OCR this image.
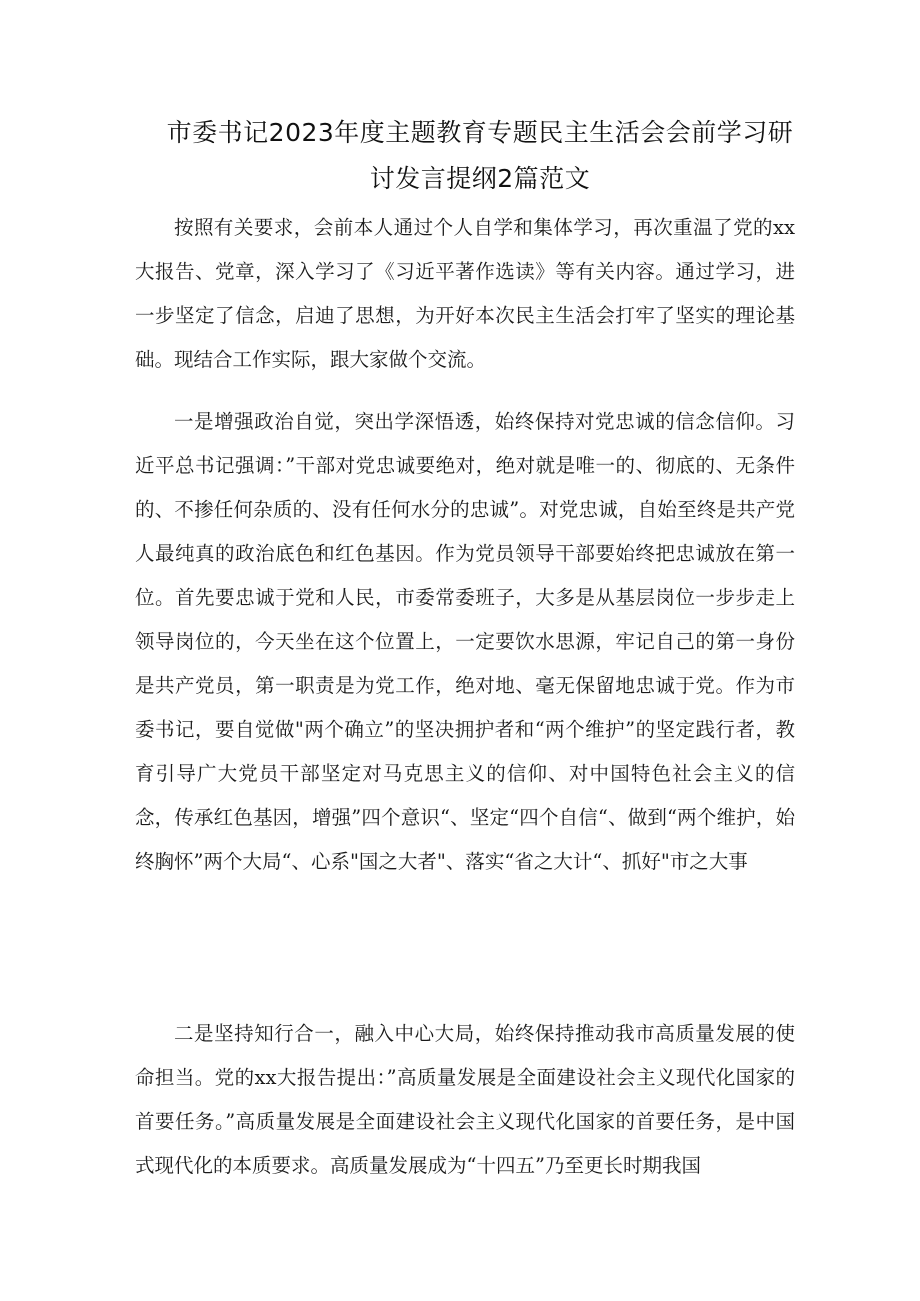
市委书记2023年度主题教育专题民主生活会会前学习研
讨发言提纲2篇范文

按照有关要求，会前本人通过个人自学和集体学习，再次重温了党的xx大报告、党章，深入学习了《习近平著作选读》等有关内容。通过学习，进一步坚定了信念，启迪了思想，为开好本次民主生活会打牢了坚实的理论基础。现结合工作实际，跟大家做个交流。

一是增强政治自觉，突出学深悟透，始终保持对党忠诚的信念信仰。习近平总书记强调：”干部对党忠诚要绝对，绝对就是唯一的、彻底的、无条件的、不掺任何杂质的、没有任何水分的忠诚”。对党忠诚，自始至终是共产党人最纯真的政治底色和红色基因。作为党员领导干部要始终把忠诚放在第一位。首先要忠诚于党和人民，市委常委班子，大多是从基层岗位一步步走上领导岗位的，今天坐在这个位置上，一定要饮水思源，牢记自己的第一身份是共产党员，第一职责是为党工作，绝对地、毫无保留地忠诚于党。作为市委书记，要自觉做"两个确立”的坚决拥护者和“两个维护”的坚定践行者，教育引导广大党员干部坚定对马克思主义的信仰、对中国特色社会主义的信念，传承红色基因，增强”四个意识“、坚定“四个自信“、做到“两个维护，始终胸怀”两个大局“、心系"国之大者"、落实“省之大计“、抓好"市之大事

二是坚持知行合一，融入中心大局，始终保持推动我市高质量发展的使命担当。党的xx大报告提出：”高质量发展是全面建设社会主义现代化国家的首要任务。”高质量发展是全面建设社会主义现代化国家的首要任务，是中国式现代化的本质要求。高质量发展成为“十四五”乃至更长时期我国
